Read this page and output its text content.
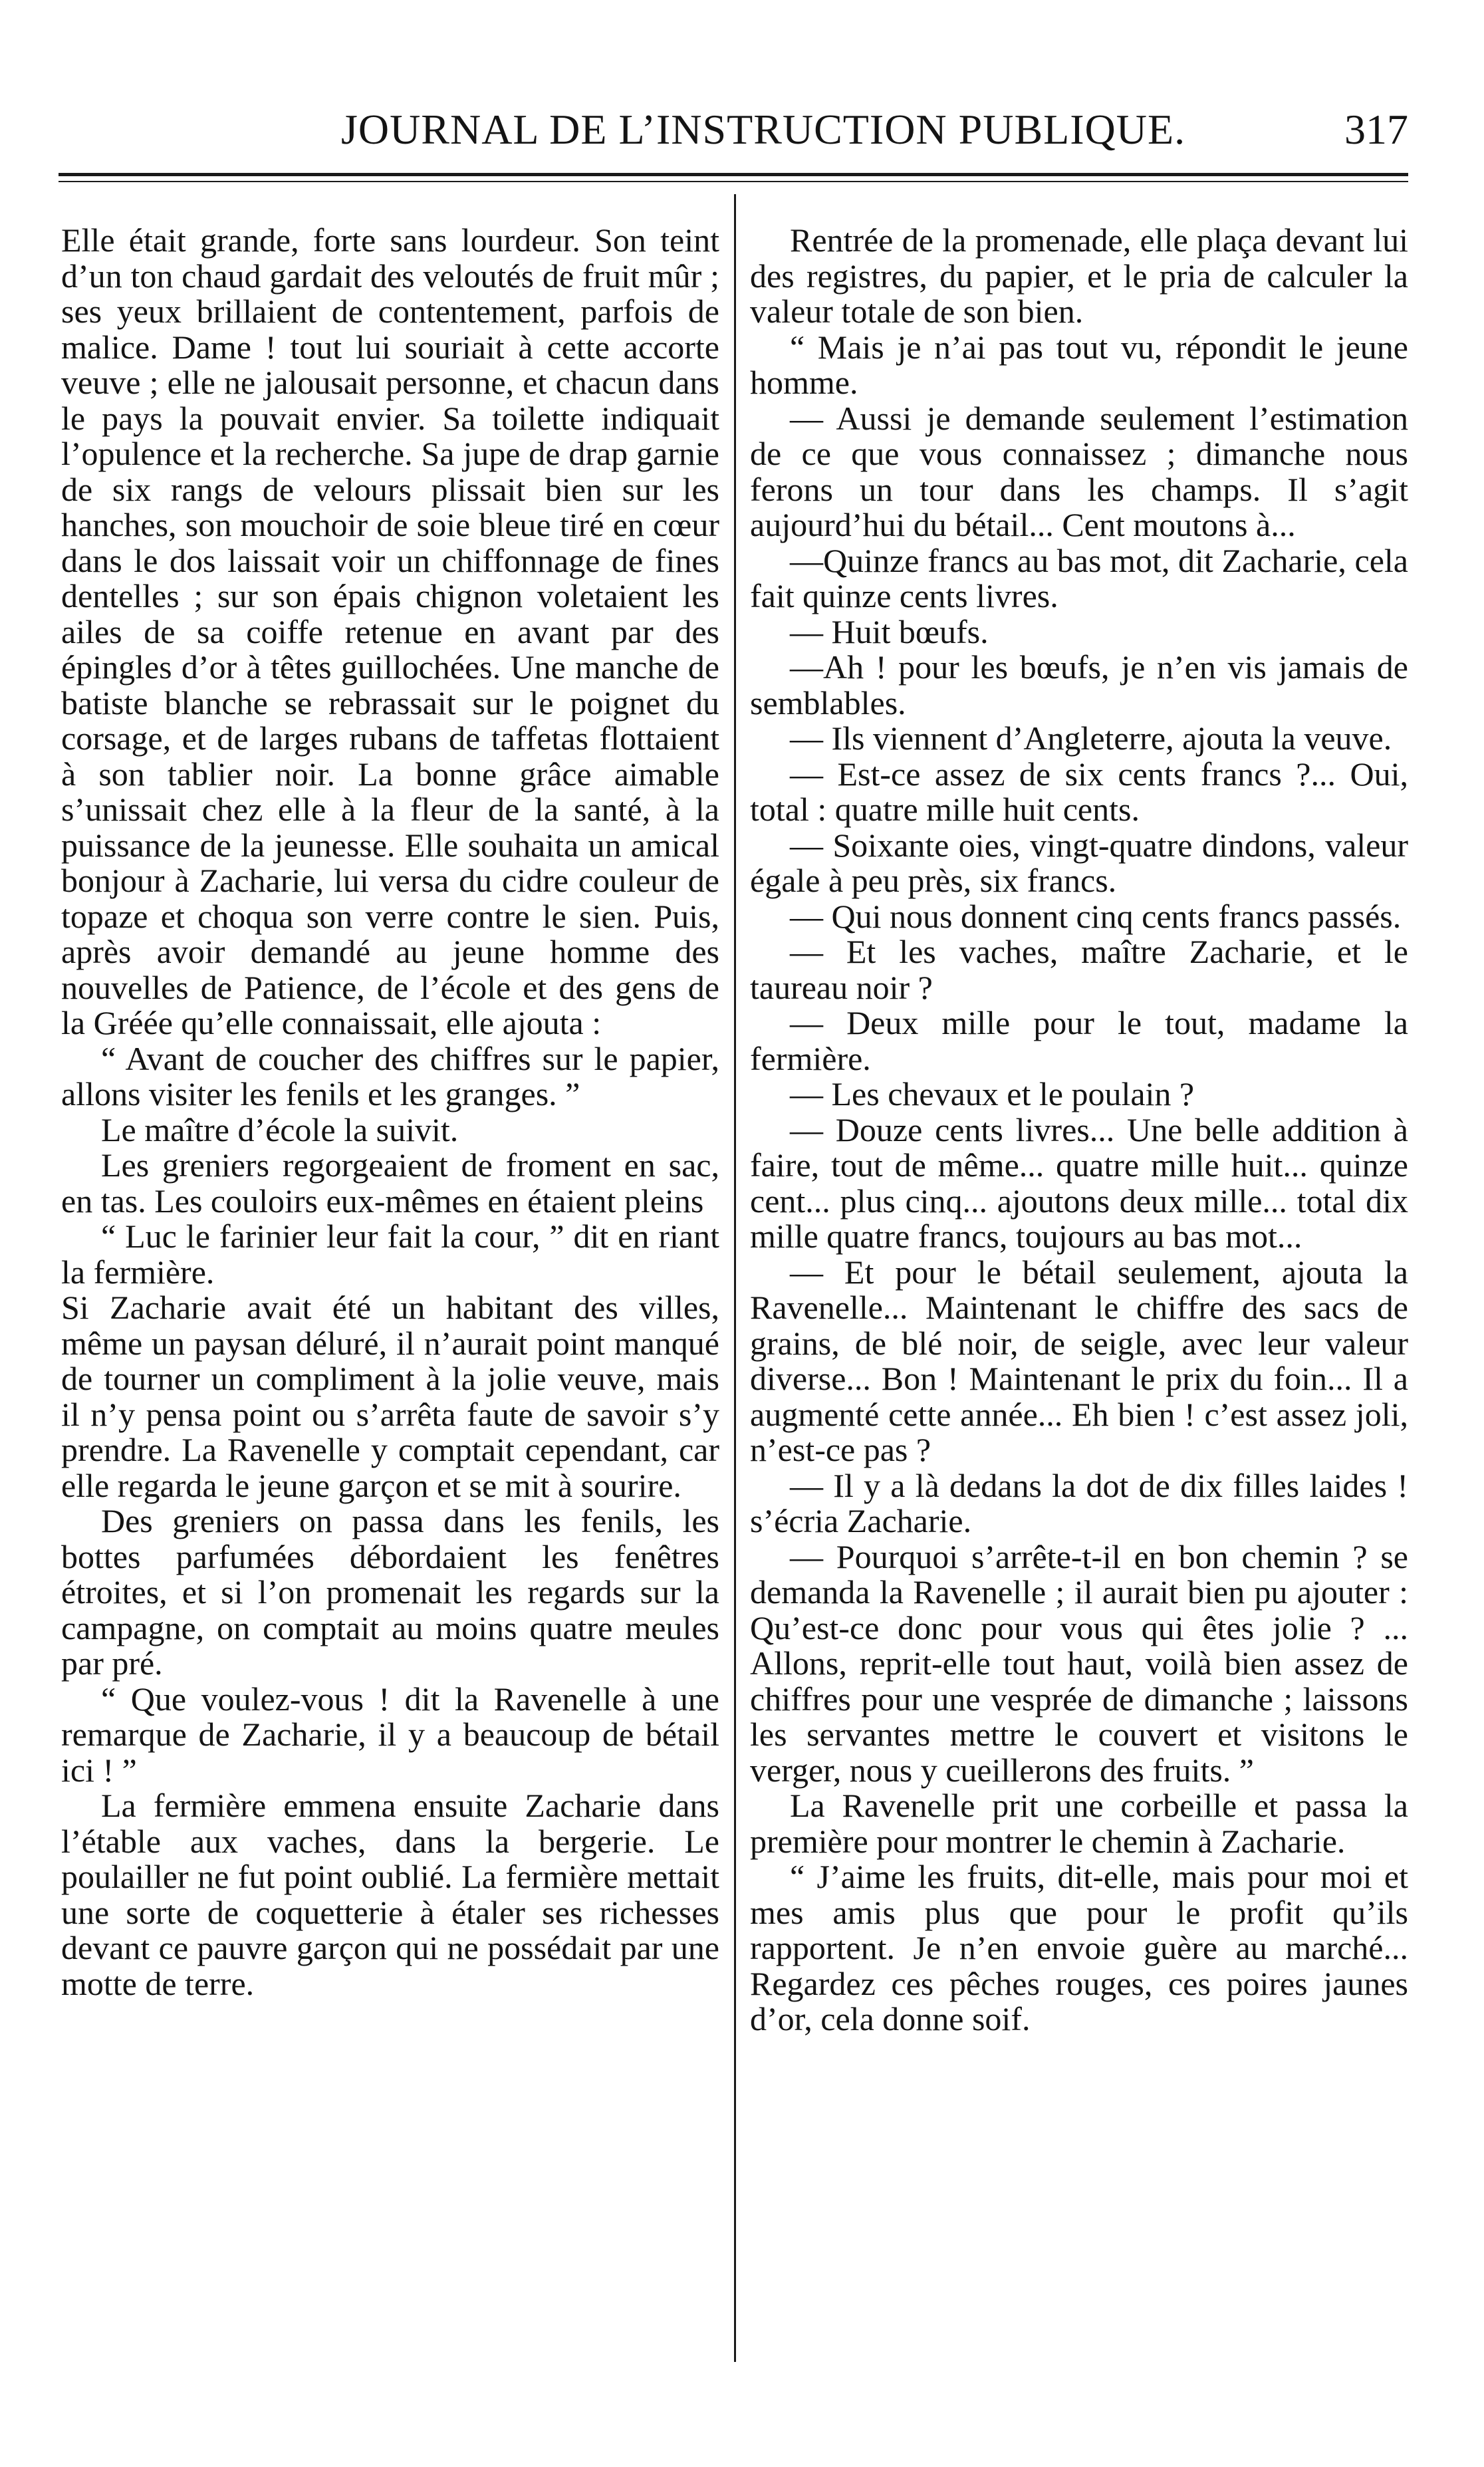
JOURNAL DE L’INSTRUCTION PUBLIQUE.	317

Elle était grande, forte sans lourdeur. Son teint d’un ton chaud gardait des veloutés de fruit mûr ; ses yeux brillaient de contentement, parfois de malice. Dame ! tout lui souriait à cette accorte veuve ; elle ne jalousait personne, et chacun dans le pays la pouvait envier. Sa toilette indiquait l’opulence et la recherche. Sa jupe de drap garnie de six rangs de velours plissait bien sur les hanches, son mouchoir de soie bleue tiré en cœur dans le dos laissait voir un chiffonnage de fines dentelles ; sur son épais chignon voletaient les ailes de sa coiffe retenue en avant par des épingles d’or à têtes guillochées. Une manche de batiste blanche se rebrassait sur le poignet du corsage, et de larges rubans de taffetas flottaient à son tablier noir. La bonne grâce aimable s’unissait chez elle à la fleur de la santé, à la puissance de la jeunesse. Elle souhaita un amical bonjour à Zacharie, lui versa du cidre couleur de topaze et choqua son verre contre le sien. Puis, après avoir demandé au jeune homme des nouvelles de Patience, de l’école et des gens de la Gréée qu’elle connaissait, elle ajouta :

“ Avant de coucher des chiffres sur le papier, allons visiter les fenils et les granges. ”

Le maître d’école la suivit.

Les greniers regorgeaient de froment en sac, en tas. Les couloirs eux-mêmes en étaient pleins

“ Luc le farinier leur fait la cour, ” dit en riant la fermière.

Si Zacharie avait été un habitant des villes, même un paysan déluré, il n’aurait point manqué de tourner un compliment à la jolie veuve, mais il n’y pensa point ou s’arrêta faute de savoir s’y prendre. La Ravenelle y comptait cependant, car elle regarda le jeune garçon et se mit à sourire.

Des greniers on passa dans les fenils, les bottes parfumées débordaient les fenêtres étroites, et si l’on promenait les regards sur la campagne, on comptait au moins quatre meules par pré.

“ Que voulez-vous ! dit la Ravenelle à une remarque de Zacharie, il y a beaucoup de bétail ici ! ”

La fermière emmena ensuite Zacharie dans l’étable aux vaches, dans la bergerie. Le poulailler ne fut point oublié. La fermière mettait une sorte de coquetterie à étaler ses richesses devant ce pauvre garçon qui ne possédait par une motte de terre.

Rentrée de la promenade, elle plaça devant lui des registres, du papier, et le pria de calculer la valeur totale de son bien.

“ Mais je n’ai pas tout vu, répondit le jeune homme.

— Aussi je demande seulement l’estimation de ce que vous connaissez ; dimanche nous ferons un tour dans les champs. Il s’agit aujourd’hui du bétail... Cent moutons à...

—Quinze francs au bas mot, dit Zacharie, cela fait quinze cents livres.

— Huit bœufs.

—Ah ! pour les bœufs, je n’en vis jamais de semblables.

— Ils viennent d’Angleterre, ajouta la veuve.

— Est-ce assez de six cents francs ?... Oui, total : quatre mille huit cents.

— Soixante oies, vingt-quatre dindons, valeur égale à peu près, six francs.

— Qui nous donnent cinq cents francs passés.

— Et les vaches, maître Zacharie, et le taureau noir ?

— Deux mille pour le tout, madame la fermière.

— Les chevaux et le poulain ?

— Douze cents livres... Une belle addition à faire, tout de même... quatre mille huit... quinze cent... plus cinq... ajoutons deux mille... total dix mille quatre francs, toujours au bas mot...

— Et pour le bétail seulement, ajouta la Ravenelle... Maintenant le chiffre des sacs de grains, de blé noir, de seigle, avec leur valeur diverse... Bon ! Maintenant le prix du foin... Il a augmenté cette année... Eh bien ! c’est assez joli, n’est-ce pas ?

— Il y a là dedans la dot de dix filles laides ! s’écria Zacharie.

— Pourquoi s’arrête-t-il en bon chemin ? se demanda la Ravenelle ; il aurait bien pu ajouter : Qu’est-ce donc pour vous qui êtes jolie ? ... Allons, reprit-elle tout haut, voilà bien assez de chiffres pour une vesprée de dimanche ; laissons les servantes mettre le couvert et visitons le verger, nous y cueillerons des fruits. ”

La Ravenelle prit une corbeille et passa la première pour montrer le chemin à Zacharie.

“ J’aime les fruits, dit-elle, mais pour moi et mes amis plus que pour le profit qu’ils rapportent. Je n’en envoie guère au marché... Regardez ces pêches rouges, ces poires jaunes d’or, cela donne soif.
